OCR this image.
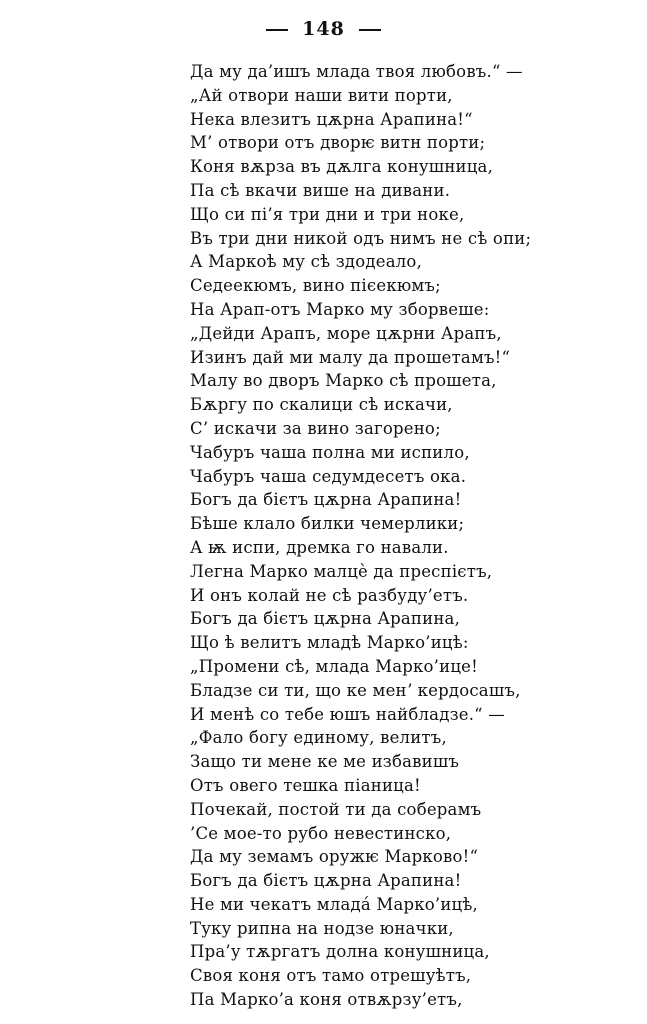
148
Да му да’ишъ млада твоя любовъ.“ —
„Ай отвори наши вити порти,
Нека влезитъ цѫрна Арапина!“
М’ отвори отъ дворѥ витн порти;
Коня вѫрза въ дѫлга конушница,
Па сѣ вкачи више на дивани.
Що си пі’я три дни и три ноке,
Въ три дни никой одъ нимъ не сѣ опи;
А Маркоѣ му сѣ здодеало,
Седеекюмъ, вино пієекюмъ;
На Арап-отъ Марко му зборвеше:
„Дейди Арапъ, море цѫрни Арапъ,
Изинъ дай ми малу да прошетамъ!“
Малу во дворъ Марко сѣ прошета,
Бѫргу по скалици сѣ искачи,
С’ искачи за вино загорено;
Чабуръ чаша полна ми испило,
Чабуръ чаша седумдесетъ ока.
Богъ да бієтъ цѫрна Арапина!
Бѣше клало билки чемерлики;
А ѭ испи, дремка го навали.
Легна Марко малцѐ да преспієтъ,
И онъ колай не сѣ разбуду’етъ.
Богъ да бієтъ цѫрна Арапина,
Що ѣ велитъ младѣ Марко’ицѣ:
„Промени сѣ, млада Марко’ице!
Бладзе си ти, що ке менʼ кердосашъ,
И менѣ со тебе юшъ найбладзе.“ —
„Фало богу единому, велитъ,
Защо ти мене ке ме избавишъ
Отъ овего тешка піаница!
Почекай, постой ти да соберамъ
’Се мое-то рубо невестинско,
Да му земамъ оружѥ Марково!“
Богъ да бієтъ цѫрна Арапина!
Не ми чекатъ младá Марко’ицѣ,
Туку рипна на нодзе юначки,
Пра’у тѫргатъ долна конушница,
Своя коня отъ тамо отрешуѣтъ,
Па Марко’а коня отвѫрзу’етъ,
